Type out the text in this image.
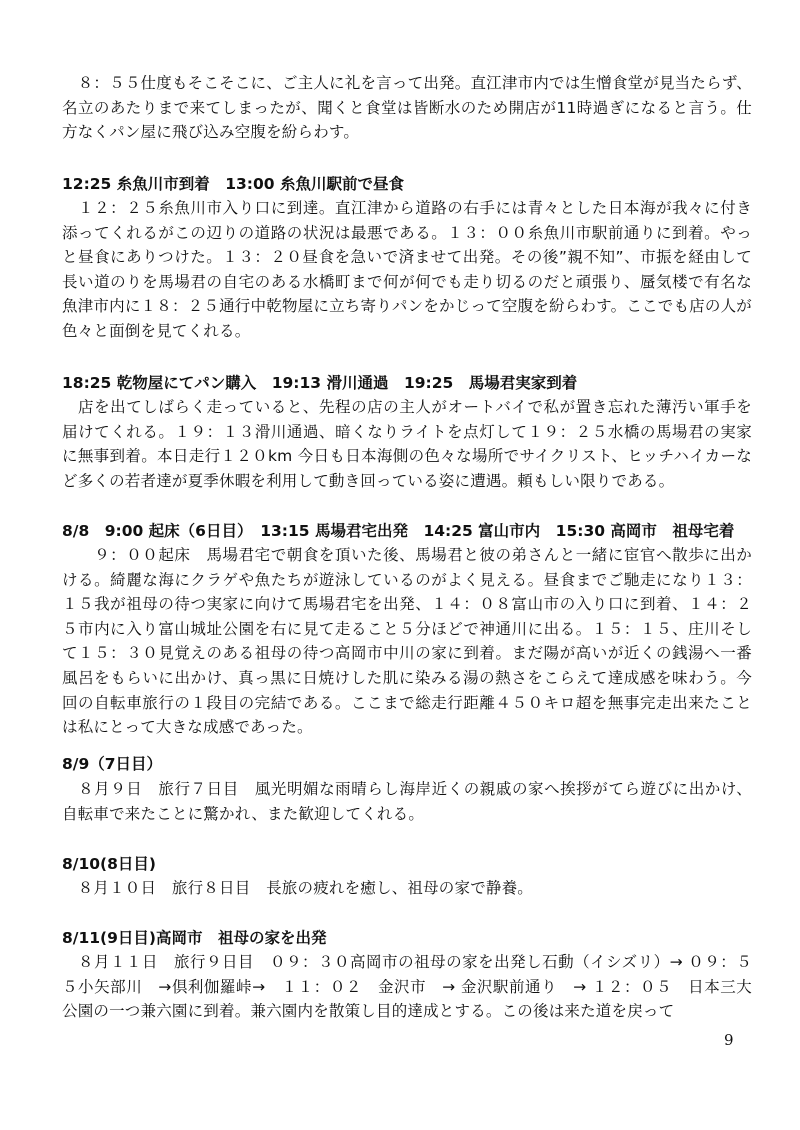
　８：５５仕度もそこそこに、ご主人に礼を言って出発。直江津市内では生憎食堂が見当たらず、名立のあたりまで来てしまったが、聞くと食堂は皆断水のため開店が11時過ぎになると言う。仕方なくパン屋に飛び込み空腹を紛らわす。

12:25 糸魚川市到着　13:00 糸魚川駅前で昼食

　１２：２５糸魚川市入り口に到達。直江津から道路の右手には青々とした日本海が我々に付き添ってくれるがこの辺りの道路の状況は最悪である。１３：００糸魚川市駅前通りに到着。やっと昼食にありつけた。１３：２０昼食を急いで済ませて出発。その後”親不知”、市振を経由して長い道のりを馬場君の自宅のある水橋町まで何が何でも走り切るのだと頑張り、蜃気楼で有名な魚津市内に１８：２５通行中乾物屋に立ち寄りパンをかじって空腹を紛らわす。ここでも店の人が色々と面倒を見てくれる。

18:25 乾物屋にてパン購入　19:13 滑川通過　19:25　馬場君実家到着

　店を出てしばらく走っていると、先程の店の主人がオートバイで私が置き忘れた薄汚い軍手を届けてくれる。１９：１３滑川通過、暗くなりライトを点灯して１９：２５水橋の馬場君の実家に無事到着。本日走行１２０km 今日も日本海側の色々な場所でサイクリスト、ヒッチハイカーなど多くの若者達が夏季休暇を利用して動き回っている姿に遭遇。頼もしい限りである。

8/8　9:00 起床（6日目）　13:15 馬場君宅出発　14:25 富山市内　15:30 高岡市　祖母宅着

　　９：００起床　馬場君宅で朝食を頂いた後、馬場君と彼の弟さんと一緒に宦官へ散歩に出かける。綺麗な海にクラゲや魚たちが遊泳しているのがよく見える。昼食までご馳走になり１３：１５我が祖母の待つ実家に向けて馬場君宅を出発、１４：０８富山市の入り口に到着、１４：２５市内に入り富山城址公園を右に見て走ること５分ほどで神通川に出る。１５：１５、庄川そして１５：３０見覚えのある祖母の待つ高岡市中川の家に到着。まだ陽が高いが近くの銭湯へ一番風呂をもらいに出かけ、真っ黒に日焼けした肌に染みる湯の熱さをこらえて達成感を味わう。今回の自転車旅行の１段目の完結である。ここまで総走行距離４５０キロ超を無事完走出来たことは私にとって大きな成感であった。

8/9（7日目）

　８月９日　旅行７日目　風光明媚な雨晴らし海岸近くの親戚の家へ挨拶がてら遊びに出かけ、自転車で来たことに驚かれ、また歓迎してくれる。

8/10(8日目)

　８月１０日　旅行８日目　長旅の疲れを癒し、祖母の家で静養。

8/11(9日目)高岡市　祖母の家を出発

　８月１１日　旅行９日目　０９：３０高岡市の祖母の家を出発し石動（イシズリ）→ ０９：５５小矢部川　→倶利伽羅峠→　１１：０２　金沢市　→ 金沢駅前通り　→ １２：０５　日本三大公園の一つ兼六園に到着。兼六園内を散策し目的達成とする。この後は来た道を戻って

9
